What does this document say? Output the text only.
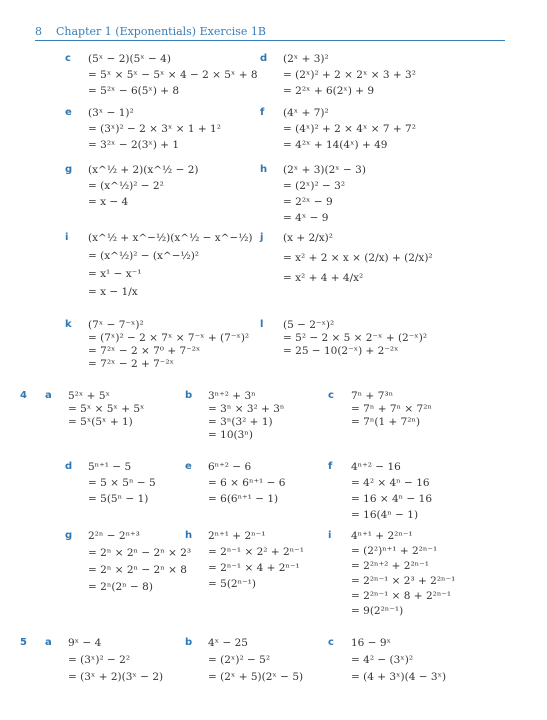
8 Chapter 1 (Exponentials) Exercise 1B
c (5ˣ − 2)(5ˣ − 4)
= 5ˣ × 5ˣ − 5ˣ × 4 − 2 × 5ˣ + 8
= 5²ˣ − 6(5ˣ) + 8
d (2ˣ + 3)²
= (2ˣ)² + 2 × 2ˣ × 3 + 3²
= 2²ˣ + 6(2ˣ) + 9
e (3ˣ − 1)²
= (3ˣ)² − 2 × 3ˣ × 1 + 1²
= 3²ˣ − 2(3ˣ) + 1
f (4ˣ + 7)²
= (4ˣ)² + 2 × 4ˣ × 7 + 7²
= 4²ˣ + 14(4ˣ) + 49
g (x^½ + 2)(x^½ − 2)
= (x^½)² − 2²
= x − 4
h (2ˣ + 3)(2ˣ − 3)
= (2ˣ)² − 3²
= 2²ˣ − 9
= 4ˣ − 9
i (x^½ + x^−½)(x^½ − x^−½)
= (x^½)² − (x^−½)²
= x¹ − x⁻¹
= x − 1/x
j (x + 2/x)²
= x² + 2 × x × (2/x) + (2/x)²
= x² + 4 + 4/x²
k (7ˣ − 7⁻ˣ)²
= (7ˣ)² − 2 × 7ˣ × 7⁻ˣ + (7⁻ˣ)²
= 7²ˣ − 2 × 7⁰ + 7⁻²ˣ
= 7²ˣ − 2 + 7⁻²ˣ
l (5 − 2⁻ˣ)²
= 5² − 2 × 5 × 2⁻ˣ + (2⁻ˣ)²
= 25 − 10(2⁻ˣ) + 2⁻²ˣ
4 a 5²ˣ + 5ˣ
= 5ˣ × 5ˣ + 5ˣ
= 5ˣ(5ˣ + 1)
b 3ⁿ⁺² + 3ⁿ
= 3ⁿ × 3² + 3ⁿ
= 3ⁿ(3² + 1)
= 10(3ⁿ)
c 7ⁿ + 7³ⁿ
= 7ⁿ + 7ⁿ × 7²ⁿ
= 7ⁿ(1 + 7²ⁿ)
d 5ⁿ⁺¹ − 5
= 5 × 5ⁿ − 5
= 5(5ⁿ − 1)
e 6ⁿ⁺² − 6
= 6 × 6ⁿ⁺¹ − 6
= 6(6ⁿ⁺¹ − 1)
f 4ⁿ⁺² − 16
= 4² × 4ⁿ − 16
= 16 × 4ⁿ − 16
= 16(4ⁿ − 1)
g 2²ⁿ − 2ⁿ⁺³
= 2ⁿ × 2ⁿ − 2ⁿ × 2³
= 2ⁿ × 2ⁿ − 2ⁿ × 8
= 2ⁿ(2ⁿ − 8)
h 2ⁿ⁺¹ + 2ⁿ⁻¹
= 2ⁿ⁻¹ × 2² + 2ⁿ⁻¹
= 2ⁿ⁻¹ × 4 + 2ⁿ⁻¹
= 5(2ⁿ⁻¹)
i 4ⁿ⁺¹ + 2²ⁿ⁻¹
= (2²)ⁿ⁺¹ + 2²ⁿ⁻¹
= 2²ⁿ⁺² + 2²ⁿ⁻¹
= 2²ⁿ⁻¹ × 2³ + 2²ⁿ⁻¹
= 2²ⁿ⁻¹ × 8 + 2²ⁿ⁻¹
= 9(2²ⁿ⁻¹)
5 a 9ˣ − 4
= (3ˣ)² − 2²
= (3ˣ + 2)(3ˣ − 2)
b 4ˣ − 25
= (2ˣ)² − 5²
= (2ˣ + 5)(2ˣ − 5)
c 16 − 9ˣ
= 4² − (3ˣ)²
= (4 + 3ˣ)(4 − 3ˣ)
